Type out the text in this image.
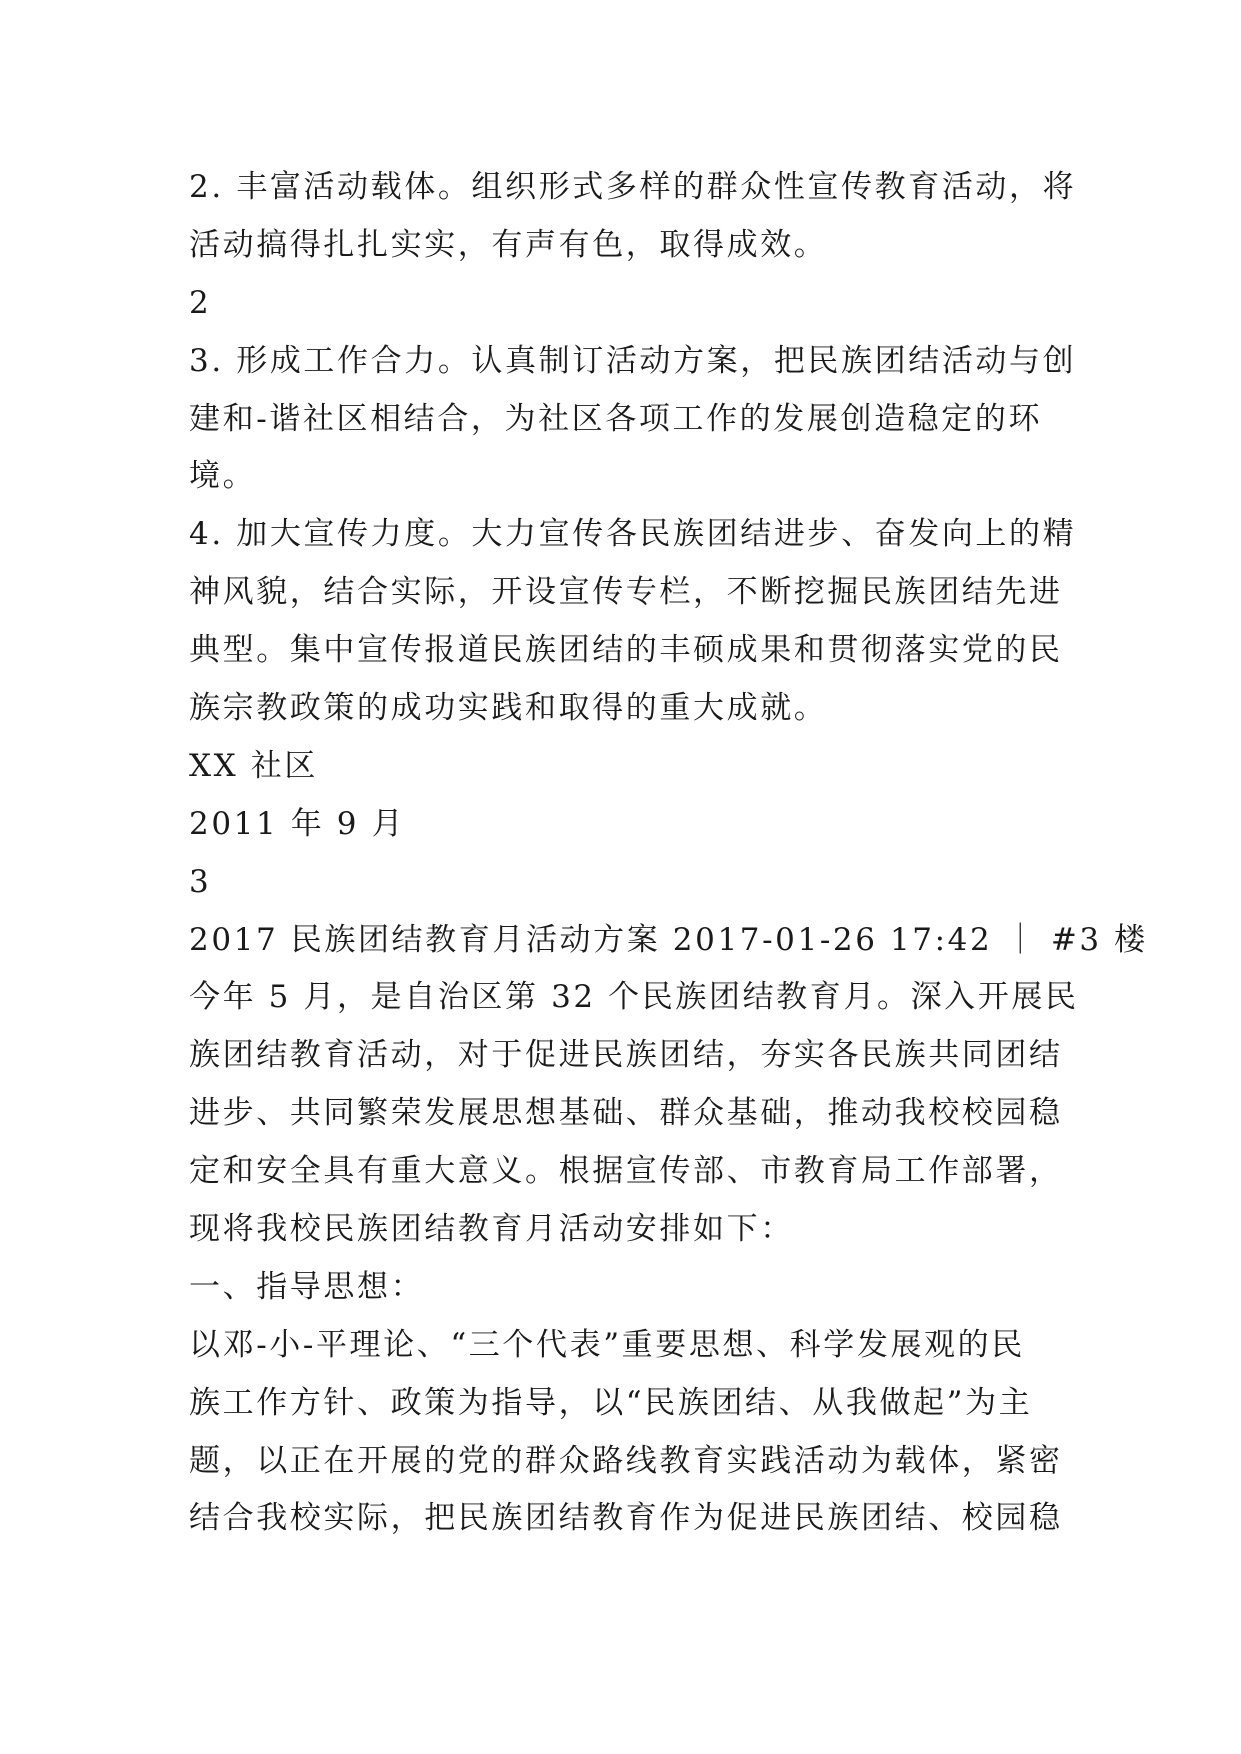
2. 丰富活动载体。组织形式多样的群众性宣传教育活动，将
活动搞得扎扎实实，有声有色，取得成效。
2
3. 形成工作合力。认真制订活动方案，把民族团结活动与创
建和-谐社区相结合，为社区各项工作的发展创造稳定的环
境。
4. 加大宣传力度。大力宣传各民族团结进步、奋发向上的精
神风貌，结合实际，开设宣传专栏，不断挖掘民族团结先进
典型。集中宣传报道民族团结的丰硕成果和贯彻落实党的民
族宗教政策的成功实践和取得的重大成就。
XX 社区
2011 年 9 月
3
2017 民族团结教育月活动方案 2017-01-26 17:42 ｜ #3 楼
今年 5 月，是自治区第 32 个民族团结教育月。深入开展民
族团结教育活动，对于促进民族团结，夯实各民族共同团结
进步、共同繁荣发展思想基础、群众基础，推动我校校园稳
定和安全具有重大意义。根据宣传部、市教育局工作部署，
现将我校民族团结教育月活动安排如下：
一、指导思想：
以邓-小-平理论、“三个代表”重要思想、科学发展观的民
族工作方针、政策为指导，以“民族团结、从我做起”为主
题，以正在开展的党的群众路线教育实践活动为载体，紧密
结合我校实际，把民族团结教育作为促进民族团结、校园稳
